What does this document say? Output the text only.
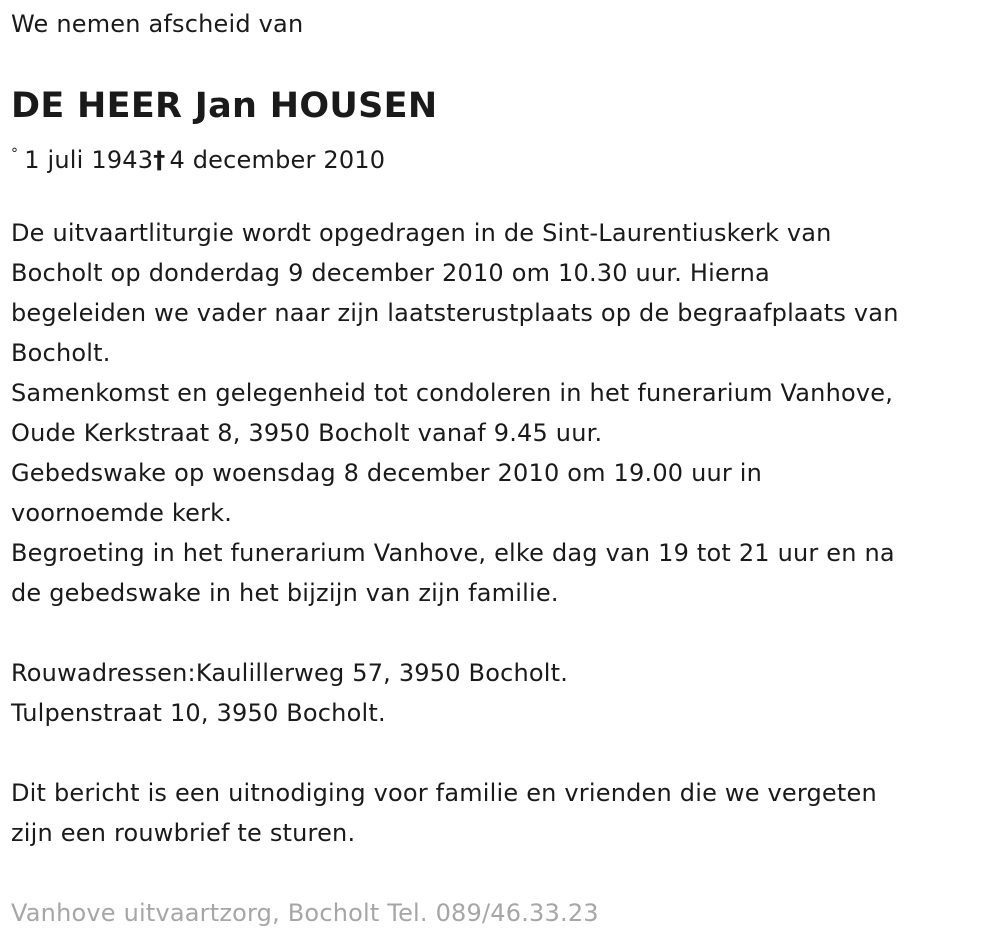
We nemen afscheid van
DE HEER Jan HOUSEN
° 1 juli 1943† 4 december 2010
De uitvaartliturgie wordt opgedragen in de Sint-Laurentiuskerk van
Bocholt op donderdag 9 december 2010 om 10.30 uur. Hierna
begeleiden we vader naar zijn laatsterustplaats op de begraafplaats van
Bocholt.
Samenkomst en gelegenheid tot condoleren in het funerarium Vanhove,
Oude Kerkstraat 8, 3950 Bocholt vanaf 9.45 uur.
Gebedswake op woensdag 8 december 2010 om 19.00 uur in
voornoemde kerk.
Begroeting in het funerarium Vanhove, elke dag van 19 tot 21 uur en na
de gebedswake in het bijzijn van zijn familie.
Rouwadressen:Kaulillerweg 57, 3950 Bocholt.
Tulpenstraat 10, 3950 Bocholt.
Dit bericht is een uitnodiging voor familie en vrienden die we vergeten
zijn een rouwbrief te sturen.
Vanhove uitvaartzorg, Bocholt Tel. 089/46.33.23
